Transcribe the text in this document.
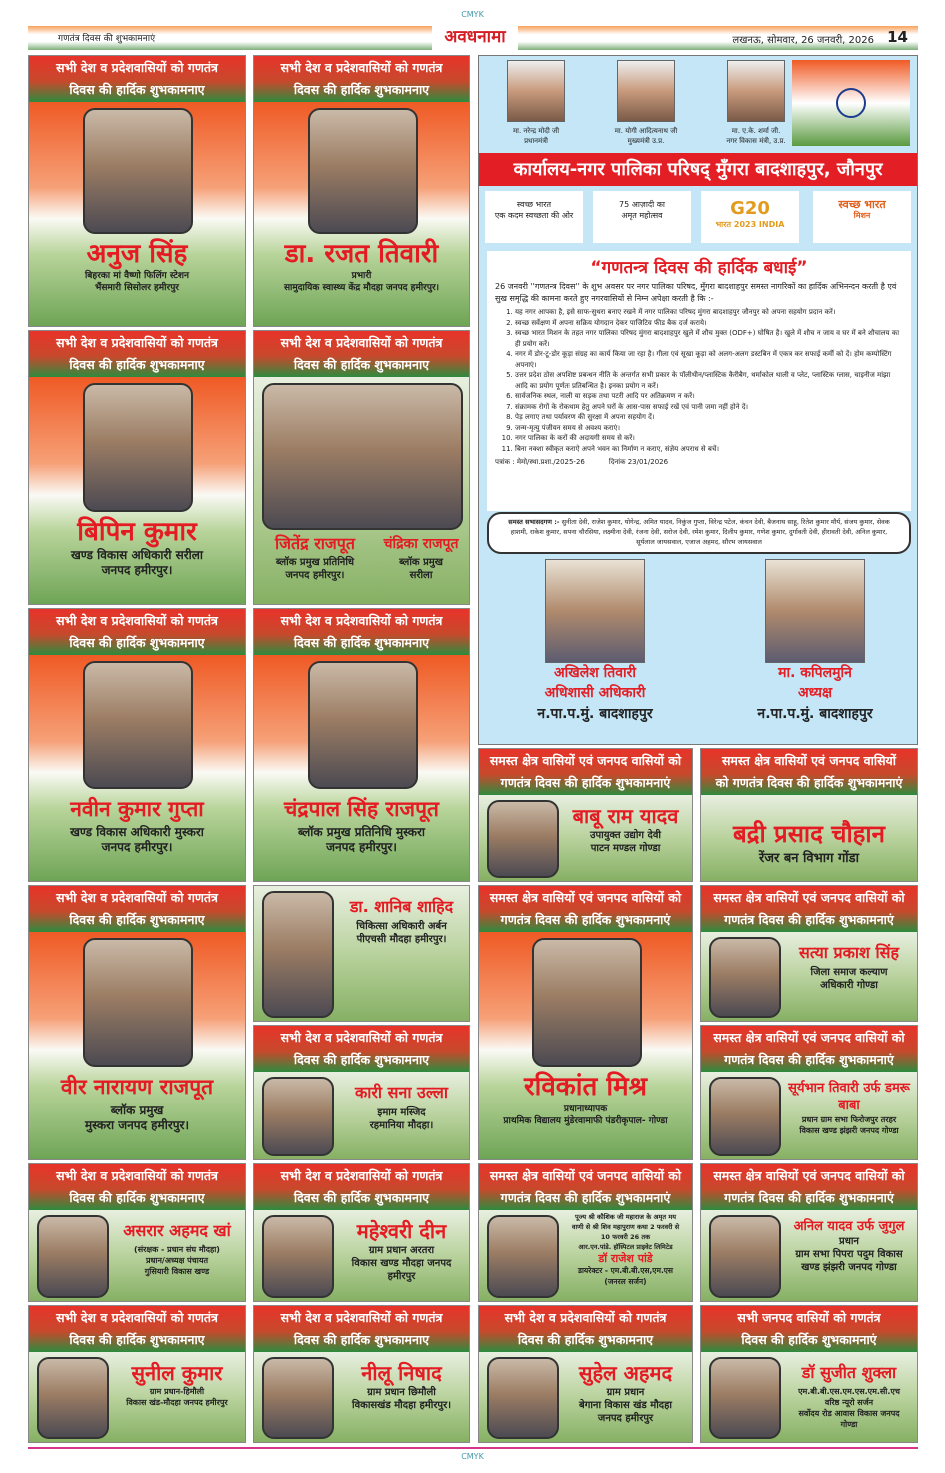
CMYK
गणतंत्र दिवस की शुभकामनाएं	अवधनामा	लखनऊ, सोमवार, 26 जनवरी, 2026 14
मा. नरेन्द्र मोदी जी
प्रधानमंत्री
मा. योगी आदित्यनाथ जी
मुख्यमंत्री उ.प्र.
मा. ए.के. शर्मा जी.
नगर विकास मंत्री, उ.प्र.
कार्यालय-नगर पालिका परिषद् मुँगरा बादशाहपुर, जौनपुर
स्वच्छ भारत
एक कदम स्वच्छता की ओर
75 आज़ादी का
अमृत महोत्सव	G20
भारत 2023 INDIA
स्वच्छ भारत
मिशन
“गणतन्त्र दिवस की हार्दिक बधाई”

26 जनवरी ''गणतन्त्र दिवस'' के शुभ अवसर पर नगर पालिका परिषद, मुँगरा बादशाहपुर समस्त नागरिकों का हार्दिक अभिनन्दन करती है एवं सुख समृद्धि की कामना करते हुए नगरवासियों से निम्न अपेक्षा करती है कि :-

1. यह नगर आपका है, इसे साफ-सुथरा बनाए रखने में नगर पालिका परिषद मुंगरा बादशाहपुर जौनपुर को अपना सहयोग प्रदान करें।
2. स्वच्छ सर्वेक्षण में अपना सक्रिय योगदान देकर पाजिटिव फीड बैक दर्ज कराये।
3. स्वच्छ भारत मिशन के तहत नगर पालिका परिषद मुंगरा बादशाहपुर खुले में शौच मुक्त (ODF+) घोषित है। खुले में शौच न जाय व घर में बने शौचालय का ही प्रयोग करें।
4. नगर में डोर-टू-डोर कूड़ा संग्रह का कार्य किया जा रहा है। गीला एवं सूखा कूड़ा को अलग-अलग डस्टबिन में एकत्र कर सफाई कर्मी को दें। होम कम्पोस्टिंग अपनाएं।
5. उत्तर प्रदेश ठोस अपशिष्ट प्रबन्धन नीति के अन्तर्गत सभी प्रकार के पॉलीथीन/प्लास्टिक कैरीबैग, थर्माकोल थाली व प्लेट, प्लास्टिक ग्लास, चाइनीज मांझा आदि का प्रयोग पूर्णतः प्रतिबन्धित है। इनका प्रयोग न करें।
6. सार्वजनिक स्थल, नाली या सड़क तथा पटरी आदि पर अतिक्रमण न करें।
7. संक्रामक रोगों के रोकथाम हेतु अपने घरों के आस-पास सफाई रखें एवं पानी जमा नहीं होने दें।
8. पेड़ लगाए तथा पर्यावरण की सुरक्षा में अपना सहयोग दें।
9. जन्म-मृत्यु पंजीयन समय से अवश्य कराएं।
10. नगर पालिका के करों की अदायगी समय से करें।
11. बिना नक्शा स्वीकृत कराऐ अपने भवन का निर्माण न कराए, संज्ञेय अपराध से बचें।
पत्रांक : मेमो/स्था.प्रशा./2025-26	दिनांक 23/01/2026
समस्त सभासदगण :- सुनीता देवी, राजेश कुमार, योगेन्द्र, अमित यादव, निकुंज गुप्ता, विरेन्द्र पटेल, कंचन देवी, बैजनाथ साहू, रितेश कुमार मौर्य, संजय कुमार, सेवक हाशमी, राकेश कुमार, सपना चौरसिया, लक्ष्मीना देवी, रंजना देवी, सरोज देवी, रमेश कुमार, दिलीप कुमार, गणेश कुमार, दुर्गावती देवी, हीरावती देवी, अनिल कुमार, सूर्यलाल जायसवाल, एजाज अहमद, सौरभ जायसवाल
अखिलेश तिवारी
अधिशासी अधिकारी
न.पा.प.मुं. बादशाहपुर
मा. कपिलमुनि
अध्यक्ष
न.पा.प.मुं. बादशाहपुर
सभी देश व प्रदेशवासियों को गणतंत्र
दिवस की हार्दिक शुभकामनाए
अनुज सिंह
बिहरका मां वैष्णो फिलिंग स्टेशन
भैंसमारी सिसोलर हमीरपुर
सभी देश व प्रदेशवासियों को गणतंत्र
दिवस की हार्दिक शुभकामनाए
डा. रजत तिवारी
प्रभारी
सामुदायिक स्वास्थ्य केंद्र मौदहा जनपद हमीरपुर।
सभी देश व प्रदेशवासियों को गणतंत्र
दिवस की हार्दिक शुभकामनाए
बिपिन कुमार
खण्ड विकास अधिकारी सरीला
जनपद हमीरपुर।
सभी देश व प्रदेशवासियों को गणतंत्र
दिवस की हार्दिक शुभकामनाए
जितेंद्र राजपूत
ब्लॉक प्रमुख प्रतिनिधि
जनपद हमीरपुर।
चंद्रिका राजपूत
ब्लॉक प्रमुख
सरीला
सभी देश व प्रदेशवासियों को गणतंत्र
दिवस की हार्दिक शुभकामनाए
नवीन कुमार गुप्ता
खण्ड विकास अधिकारी मुस्करा
जनपद हमीरपुर।
सभी देश व प्रदेशवासियों को गणतंत्र
दिवस की हार्दिक शुभकामनाए
चंद्रपाल सिंह राजपूत
ब्लॉक प्रमुख प्रतिनिधि मुस्करा
जनपद हमीरपुर।
सभी देश व प्रदेशवासियों को गणतंत्र
दिवस की हार्दिक शुभकामनाए
वीर नारायण राजपूत
ब्लॉक प्रमुख
मुस्करा जनपद हमीरपुर।
डा. शानिब शाहिद
चिकित्सा अधिकारी अर्बन
पीएचसी मौदहा हमीरपुर।
सभी देश व प्रदेशवासियों को गणतंत्र
दिवस की हार्दिक शुभकामनाए
कारी सना उल्ला
इमाम मस्जिद
रहमानिया मौदहा।
सभी देश व प्रदेशवासियों को गणतंत्र
दिवस की हार्दिक शुभकामनाए
असरार अहमद खां
(संरक्षक - प्रधान संघ मौदहा)
प्रधान/अध्यक्ष पंचायत
गुसियारी विकास खण्ड
सभी देश व प्रदेशवासियों को गणतंत्र
दिवस की हार्दिक शुभकामनाए
महेश्वरी दीन
ग्राम प्रधान अरतरा
विकास खण्ड मौदहा जनपद
हमीरपुर
सभी देश व प्रदेशवासियों को गणतंत्र
दिवस की हार्दिक शुभकामनाए
सुनील कुमार
ग्राम प्रधान-हिमौली
विकास खंड-मौदहा जनपद हमीरपुर
सभी देश व प्रदेशवासियों को गणतंत्र
दिवस की हार्दिक शुभकामनाए
नीलू निषाद
ग्राम प्रधान छिमौली
विकासखंड मौदहा हमीरपुर।
समस्त क्षेत्र वासियों एवं जनपद वासियों को
गणतंत्र दिवस की हार्दिक शुभकामनाएं
बाबू राम यादव
उपायुक्त उद्योग देवी
पाटन मण्डल गोण्डा
समस्त क्षेत्र वासियों एवं जनपद वासियों
को गणतंत्र दिवस की हार्दिक शुभकामनाएं
बद्री प्रसाद चौहान
रेंजर बन विभाग गोंडा
समस्त क्षेत्र वासियों एवं जनपद वासियों को
गणतंत्र दिवस की हार्दिक शुभकामनाएं
रविकांत मिश्र
प्रधानाध्यापक
प्राथमिक विद्यालय मुंडेरवामाफी पंडरीकृपाल- गोण्डा
समस्त क्षेत्र वासियों एवं जनपद वासियों को
गणतंत्र दिवस की हार्दिक शुभकामनाएं
सत्या प्रकाश सिंह
जिला समाज कल्याण
अधिकारी गोण्डा
समस्त क्षेत्र वासियों एवं जनपद वासियों को
गणतंत्र दिवस की हार्दिक शुभकामनाएं
सूर्यभान तिवारी उर्फ डमरू बाबा
प्रधान ग्राम सभा फिरोजपुर तरहर
विकास खण्ड झंझरी जनपद गोण्डा
समस्त क्षेत्र वासियों एवं जनपद वासियों को
गणतंत्र दिवस की हार्दिक शुभकामनाएं
पूज्य श्री कौशिक जी महाराज के अमृत मय
वाणी से श्री शिव महापुराण कथा 2 फरवरी से
10 फरवरी 26 तक
आर.एन.पांडे. हॉस्पिटल प्राइवेट लिमिटेड
डॉ राजेश पांडे
डायरेक्टर - एम.बी.बी.एस,एम.एस
(जनरल सर्जन)
समस्त क्षेत्र वासियों एवं जनपद वासियों को
गणतंत्र दिवस की हार्दिक शुभकामनाएं
अनिल यादव उर्फ जुगुल
प्रधान
ग्राम सभा पिपरा पदुम विकास
खण्ड झंझरी जनपद गोण्डा
सभी देश व प्रदेशवासियों को गणतंत्र
दिवस की हार्दिक शुभकामनाए
सुहेल अहमद
ग्राम प्रधान
बेगाना विकास खंड मौदहा
जनपद हमीरपुर
सभी जनपद वासियों को गणतंत्र
दिवस की हार्दिक शुभकामनाएं
डॉ सुजीत शुक्ला
एम.बी.बी.एस.एम.एस.एम.सी.एच
वरिष्ठ न्यूरो सर्जन
सर्वोदय रोड आवास विकास जनपद
गोण्डा
CMYK
